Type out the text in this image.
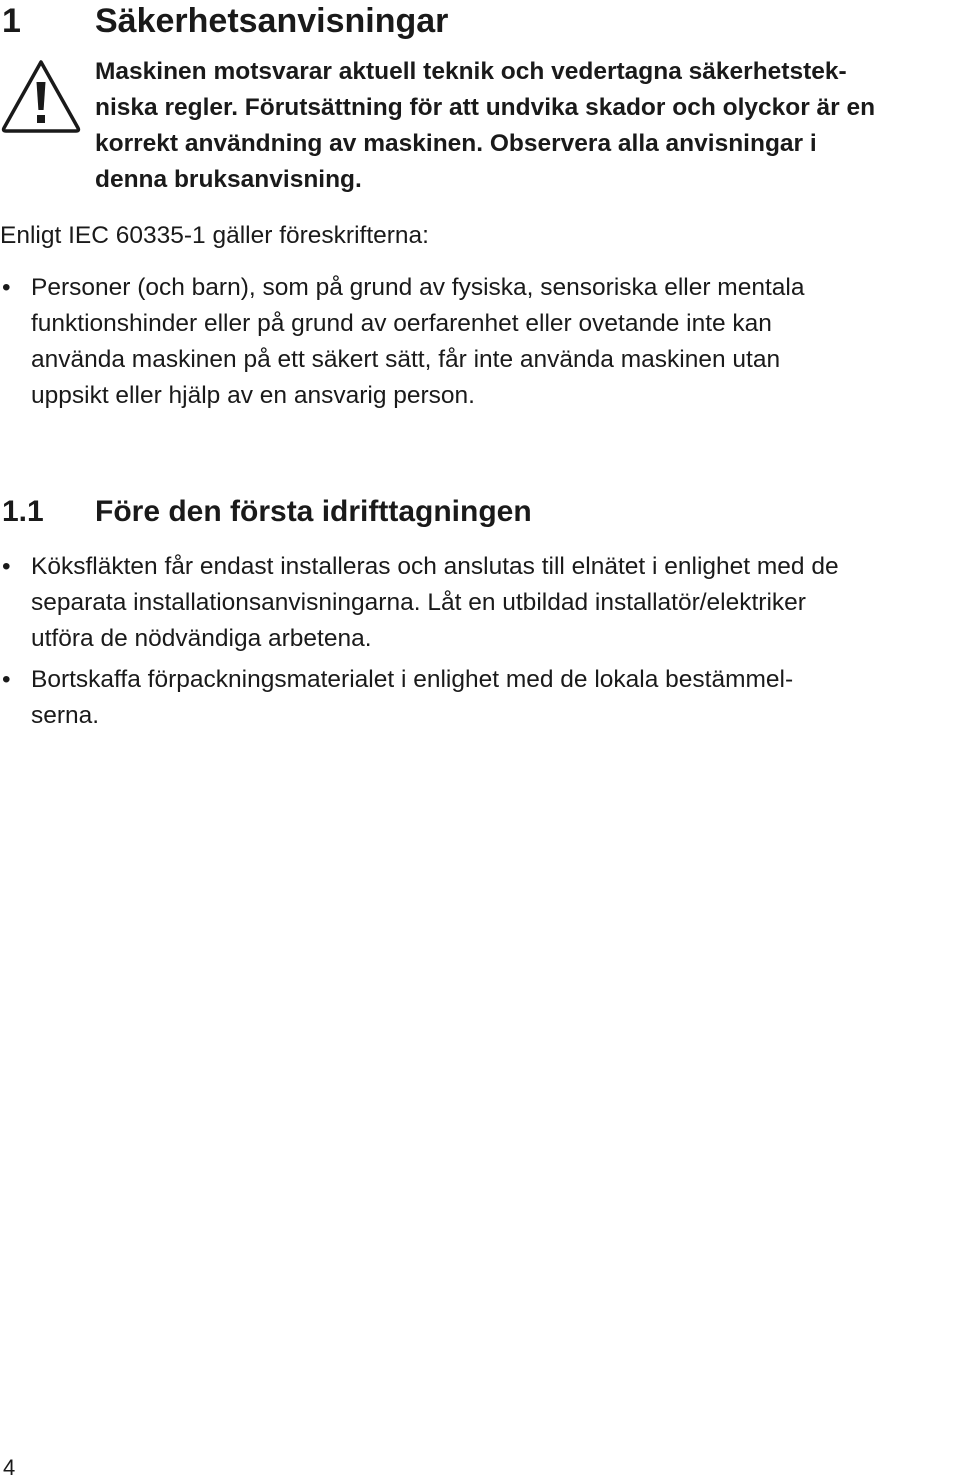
1 Säkerhetsanvisningar
Maskinen motsvarar aktuell teknik och vedertagna säkerhetstek-
niska regler. Förutsättning för att undvika skador och olyckor är en
korrekt användning av maskinen. Observera alla anvisningar i
denna bruksanvisning.
Enligt IEC 60335-1 gäller föreskrifterna:
• Personer (och barn), som på grund av fysiska, sensoriska eller mentala
funktionshinder eller på grund av oerfarenhet eller ovetande inte kan
använda maskinen på ett säkert sätt, får inte använda maskinen utan
uppsikt eller hjälp av en ansvarig person.
1.1 Före den första idrifttagningen
• Köksfläkten får endast installeras och anslutas till elnätet i enlighet med de
separata installationsanvisningarna. Låt en utbildad installatör/elektriker
utföra de nödvändiga arbetena.
• Bortskaffa förpackningsmaterialet i enlighet med de lokala bestämmel-
serna.
4
